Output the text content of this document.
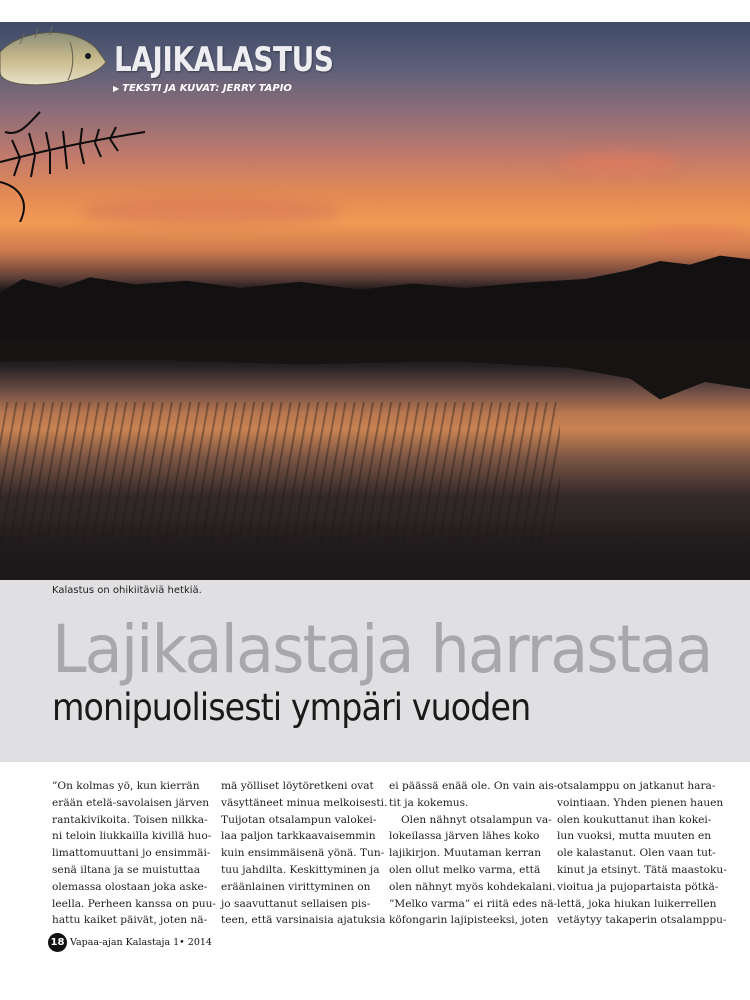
LAJIKALASTUS
▶ TEKSTI JA KUVAT: JERRY TAPIO
Kalastus on ohikiitäviä hetkiä.
Lajikalastaja harrastaa
monipuolisesti ympäri vuoden
”On kolmas yö, kun kierrän
erään etelä-savolaisen järven
rantakivikoita. Toisen nilkka-
ni teloin liukkailla kivillä huo-
limattomuuttani jo ensimmäi-
senä iltana ja se muistuttaa
olemassa olostaan joka aske-
leella. Perheen kanssa on puu-
hattu kaiket päivät, joten nä-
mä yölliset löytöretkeni ovat
väsyttäneet minua melkoisesti.
Tuijotan otsalampun valokei-
laa paljon tarkkaavaisemmin
kuin ensimmäisenä yönä. Tun-
tuu jahdilta. Keskittyminen ja
eräänlainen virittyminen on
jo saavuttanut sellaisen pis-
teen, että varsinaisia ajatuksia
ei päässä enää ole. On vain ais-
tit ja kokemus.
Olen nähnyt otsalampun va-
lokeilassa järven lähes koko
lajikirjon. Muutaman kerran
olen ollut melko varma, että
olen nähnyt myös kohdekalani.
”Melko varma” ei riitä edes nä-
köfongarin lajipisteeksi, joten
otsalamppu on jatkanut hara-
vointiaan. Yhden pienen hauen
olen koukuttanut ihan kokei-
lun vuoksi, mutta muuten en
ole kalastanut. Olen vaan tut-
kinut ja etsinyt. Tätä maastoku-
vioitua ja pujopartaista pötkä-
lettä, joka hiukan luikerrellen
vetäytyy takaperin otsalamppu-
18 Vapaa-ajan Kalastaja 1• 2014
